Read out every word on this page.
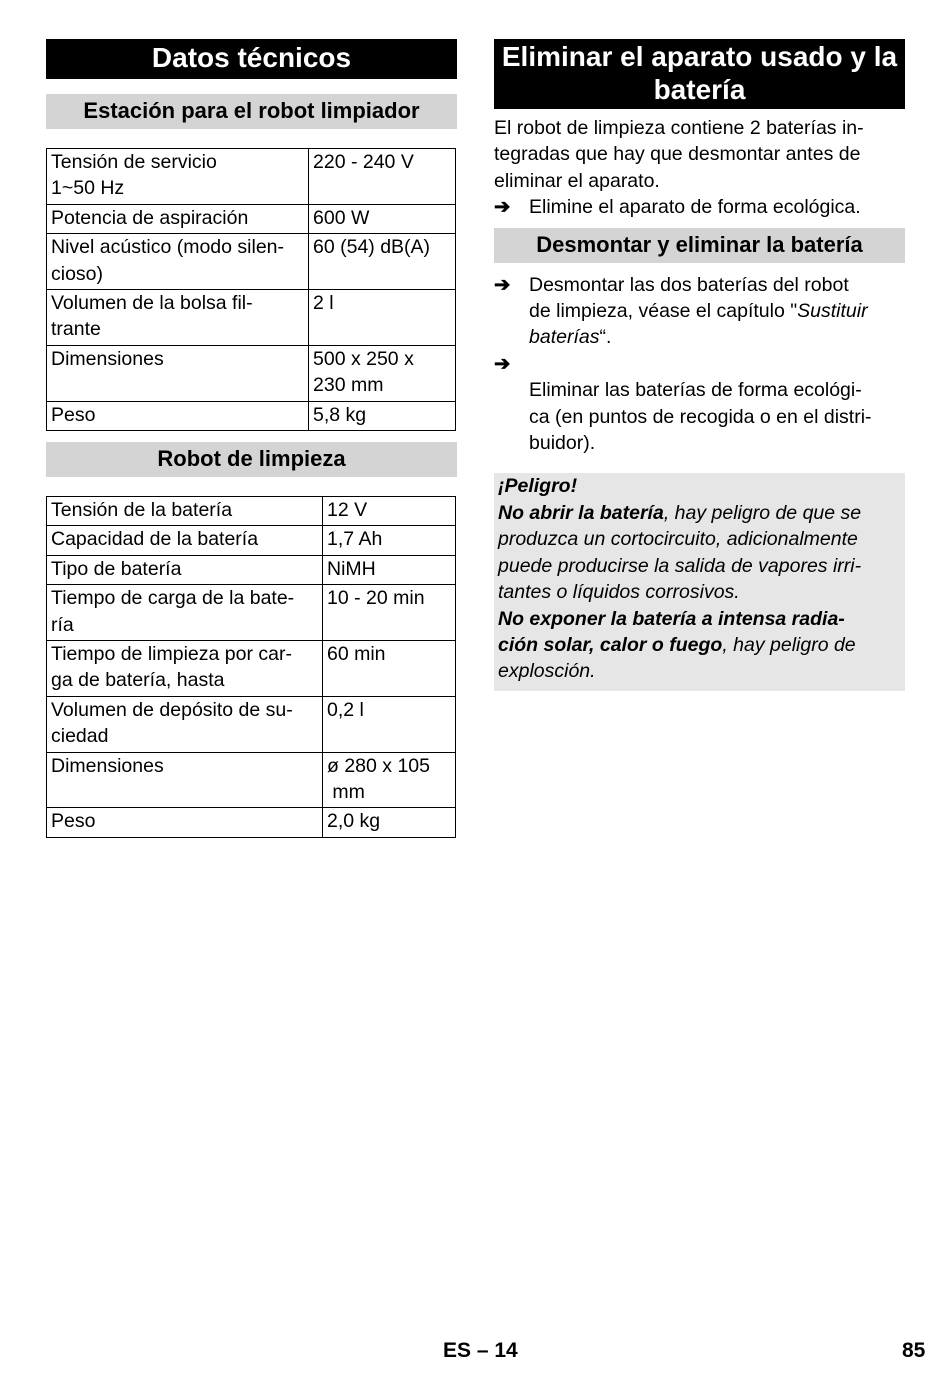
Datos técnicos
Estación para el robot limpiador
Tensión de servicio
1~50 Hz	220 - 240 V
Potencia de aspiración	600 W
Nivel acústico (modo silen-
cioso)	60 (54) dB(A)
Volumen de la bolsa fil-
trante	2 l
Dimensiones	500 x 250 x
230 mm
Peso	5,8 kg
Robot de limpieza
Tensión de la batería	12 V
Capacidad de la batería	1,7 Ah
Tipo de batería	NiMH
Tiempo de carga de la bate-
ría	10 - 20 min
Tiempo de limpieza por car-
ga de batería, hasta	60 min
Volumen de depósito de su-
ciedad	0,2 l
Dimensiones	ø 280 x 105
mm
Peso	2,0 kg
Eliminar el aparato usado y la batería

El robot de limpieza contiene 2 baterías in-
tegradas que hay que desmontar antes de
eliminar el aparato.

➔ Elimine el aparato de forma ecológica.

Desmontar y eliminar la batería

➔ Desmontar las dos baterías del robot
de limpieza, véase el capítulo "Sustituir
baterías“.

➔
Eliminar las baterías de forma ecológi-
ca (en puntos de recogida o en el distri-
buidor).

¡Peligro!
No abrir la batería, hay peligro de que se
produzca un cortocircuito, adicionalmente
puede producirse la salida de vapores irri-
tantes o líquidos corrosivos.
No exponer la batería a intensa radia-
ción solar, calor o fuego, hay peligro de
explosción.
ES – 14	85
